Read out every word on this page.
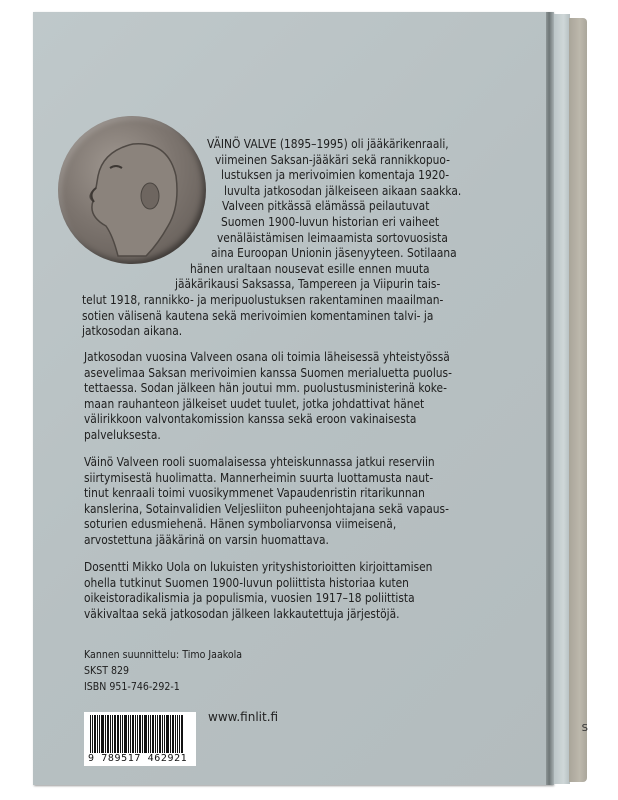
S
VÄINÖ VALVE (1895–1995) oli jääkärikenraali,
viimeinen Saksan-jääkäri sekä rannikkopuo-
lustuksen ja merivoimien komentaja 1920-
luvulta jatkosodan jälkeiseen aikaan saakka.
Valveen pitkässä elämässä peilautuvat
Suomen 1900-luvun historian eri vaiheet
venäläistämisen leimaamista sortovuosista
aina Euroopan Unionin jäsenyyteen. Sotilaana
hänen uraltaan nousevat esille ennen muuta
jääkärikausi Saksassa, Tampereen ja Viipurin tais-
telut 1918, rannikko- ja meripuolustuksen rakentaminen maailman-
sotien välisenä kautena sekä merivoimien komentaminen talvi- ja
jatkosodan aikana.
Jatkosodan vuosina Valveen osana oli toimia läheisessä yhteistyössä
asevelimaa Saksan merivoimien kanssa Suomen merialuetta puolus-
tettaessa. Sodan jälkeen hän joutui mm. puolustusministerinä koke-
maan rauhanteon jälkeiset uudet tuulet, jotka johdattivat hänet
välirikkoon valvontakomission kanssa sekä eroon vakinaisesta
palveluksesta.
Väinö Valveen rooli suomalaisessa yhteiskunnassa jatkui reserviin
siirtymisestä huolimatta. Mannerheimin suurta luottamusta naut-
tinut kenraali toimi vuosikymmenet Vapaudenristin ritarikunnan
kanslerina, Sotainvalidien Veljesliiton puheenjohtajana sekä vapaus-
soturien edusmiehenä. Hänen symboliarvonsa viimeisenä,
arvostettuna jääkärinä on varsin huomattava.
Dosentti Mikko Uola on lukuisten yrityshistorioitten kirjoittamisen
ohella tutkinut Suomen 1900-luvun poliittista historiaa kuten
oikeistoradikalismia ja populismia, vuosien 1917–18 poliittista
väkivaltaa sekä jatkosodan jälkeen lakkautettuja järjestöjä.
Kannen suunnittelu: Timo Jaakola
SKST 829
ISBN 951-746-292-1
9 789517 462921
www.finlit.fi
